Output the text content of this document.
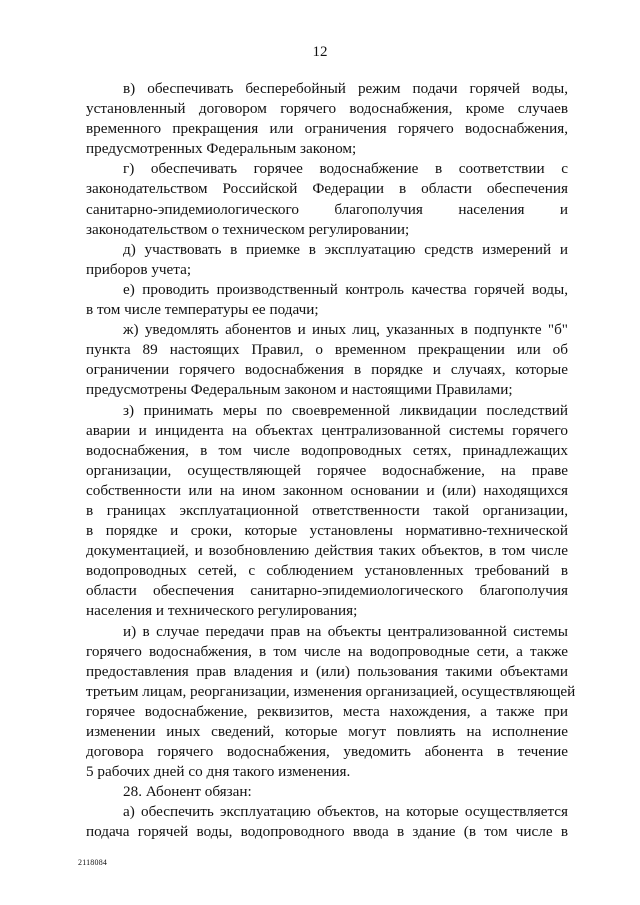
12
в) обеспечивать бесперебойный режим подачи горячей воды,
установленный договором горячего водоснабжения, кроме случаев
временного прекращения или ограничения горячего водоснабжения,
предусмотренных Федеральным законом;
г) обеспечивать горячее водоснабжение в соответствии с
законодательством Российской Федерации в области обеспечения
санитарно-эпидемиологического благополучия населения и
законодательством о техническом регулировании;
д) участвовать в приемке в эксплуатацию средств измерений и
приборов учета;
е) проводить производственный контроль качества горячей воды,
в том числе температуры ее подачи;
ж) уведомлять абонентов и иных лиц, указанных в подпункте "б"
пункта 89 настоящих Правил, о временном прекращении или об
ограничении горячего водоснабжения в порядке и случаях, которые
предусмотрены Федеральным законом и настоящими Правилами;
з) принимать меры по своевременной ликвидации последствий
аварии и инцидента на объектах централизованной системы горячего
водоснабжения, в том числе водопроводных сетях, принадлежащих
организации, осуществляющей горячее водоснабжение, на праве
собственности или на ином законном основании и (или) находящихся
в границах эксплуатационной ответственности такой организации,
в порядке и сроки, которые установлены нормативно-технической
документацией, и возобновлению действия таких объектов, в том числе
водопроводных сетей, с соблюдением установленных требований в
области обеспечения санитарно-эпидемиологического благополучия
населения и технического регулирования;
и) в случае передачи прав на объекты централизованной системы
горячего водоснабжения, в том числе на водопроводные сети, а также
предоставления прав владения и (или) пользования такими объектами
третьим лицам, реорганизации, изменения организацией, осуществляющей
горячее водоснабжение, реквизитов, места нахождения, а также при
изменении иных сведений, которые могут повлиять на исполнение
договора горячего водоснабжения, уведомить абонента в течение
5 рабочих дней со дня такого изменения.
28. Абонент обязан:
а) обеспечить эксплуатацию объектов, на которые осуществляется
подача горячей воды, водопроводного ввода в здание (в том числе в
2118084
